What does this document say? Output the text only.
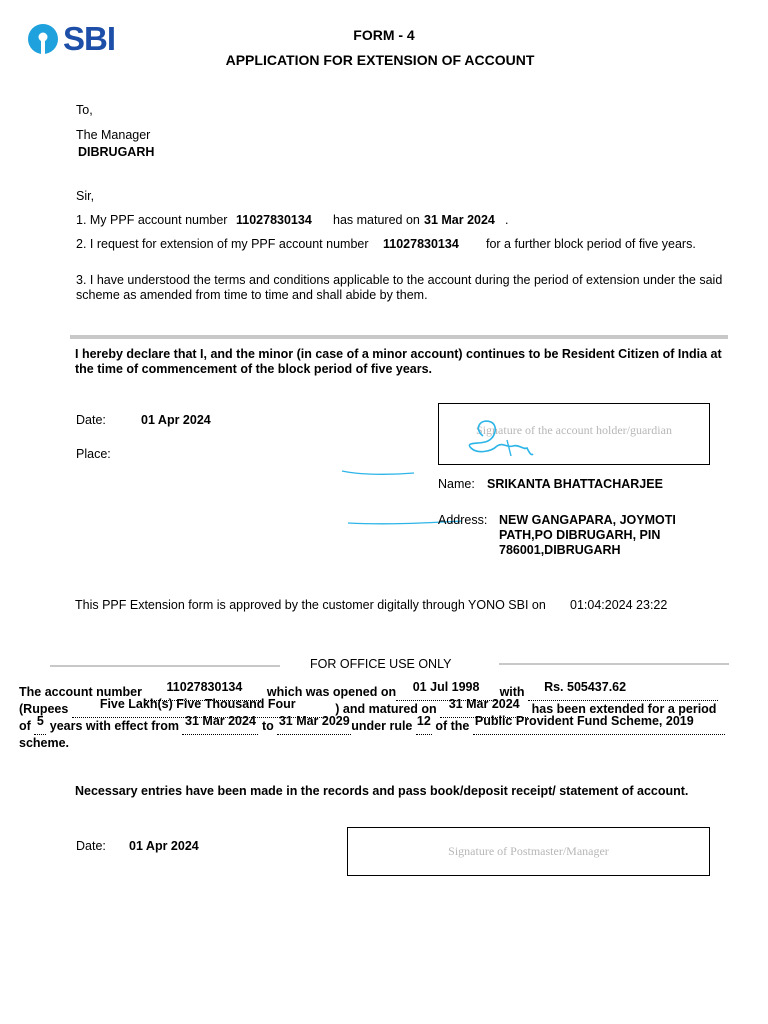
SBI	FORM - 4
APPLICATION FOR EXTENSION OF ACCOUNT
To,
The Manager
DIBRUGARH
Sir,
1. My PPF account number 11027830134 has matured on 31 Mar 2024 .
2. I request for extension of my PPF account number 11027830134 for a further block period of five years.
3. I have understood the terms and conditions applicable to the account during the period of extension under the said scheme as amended from time to time and shall abide by them.
I hereby declare that I, and the minor (in case of a minor account) continues to be Resident Citizen of India at the time of commencement of the block period of five years.
Date:	01 Apr 2024
Place:
Signature of the account holder/guardian
Name: SRIKANTA BHATTACHARJEE
Address: NEW GANGAPARA, JOYMOTI PATH,PO DIBRUGARH, PIN 786001,DIBRUGARH
This PPF Extension form is approved by the customer digitally through YONO SBI on 01:04:2024 23:22
FOR OFFICE USE ONLY
The account number	11027830134	which was opened on	01 Jul 1998	with	Rs. 505437.62

(Rupees	Five Lakh(s) Five Thousand Four	) and matured on 31 Mar 2024 has been extended for a period
of 5 years with effect from 31 Mar 2024 to 31 Mar 2029 under rule 12 of the Public Provident Fund Scheme, 2019

scheme.
Necessary entries have been made in the records and pass book/deposit receipt/ statement of account.
Date: 01 Apr 2024	Signature of Postmaster/Manager
